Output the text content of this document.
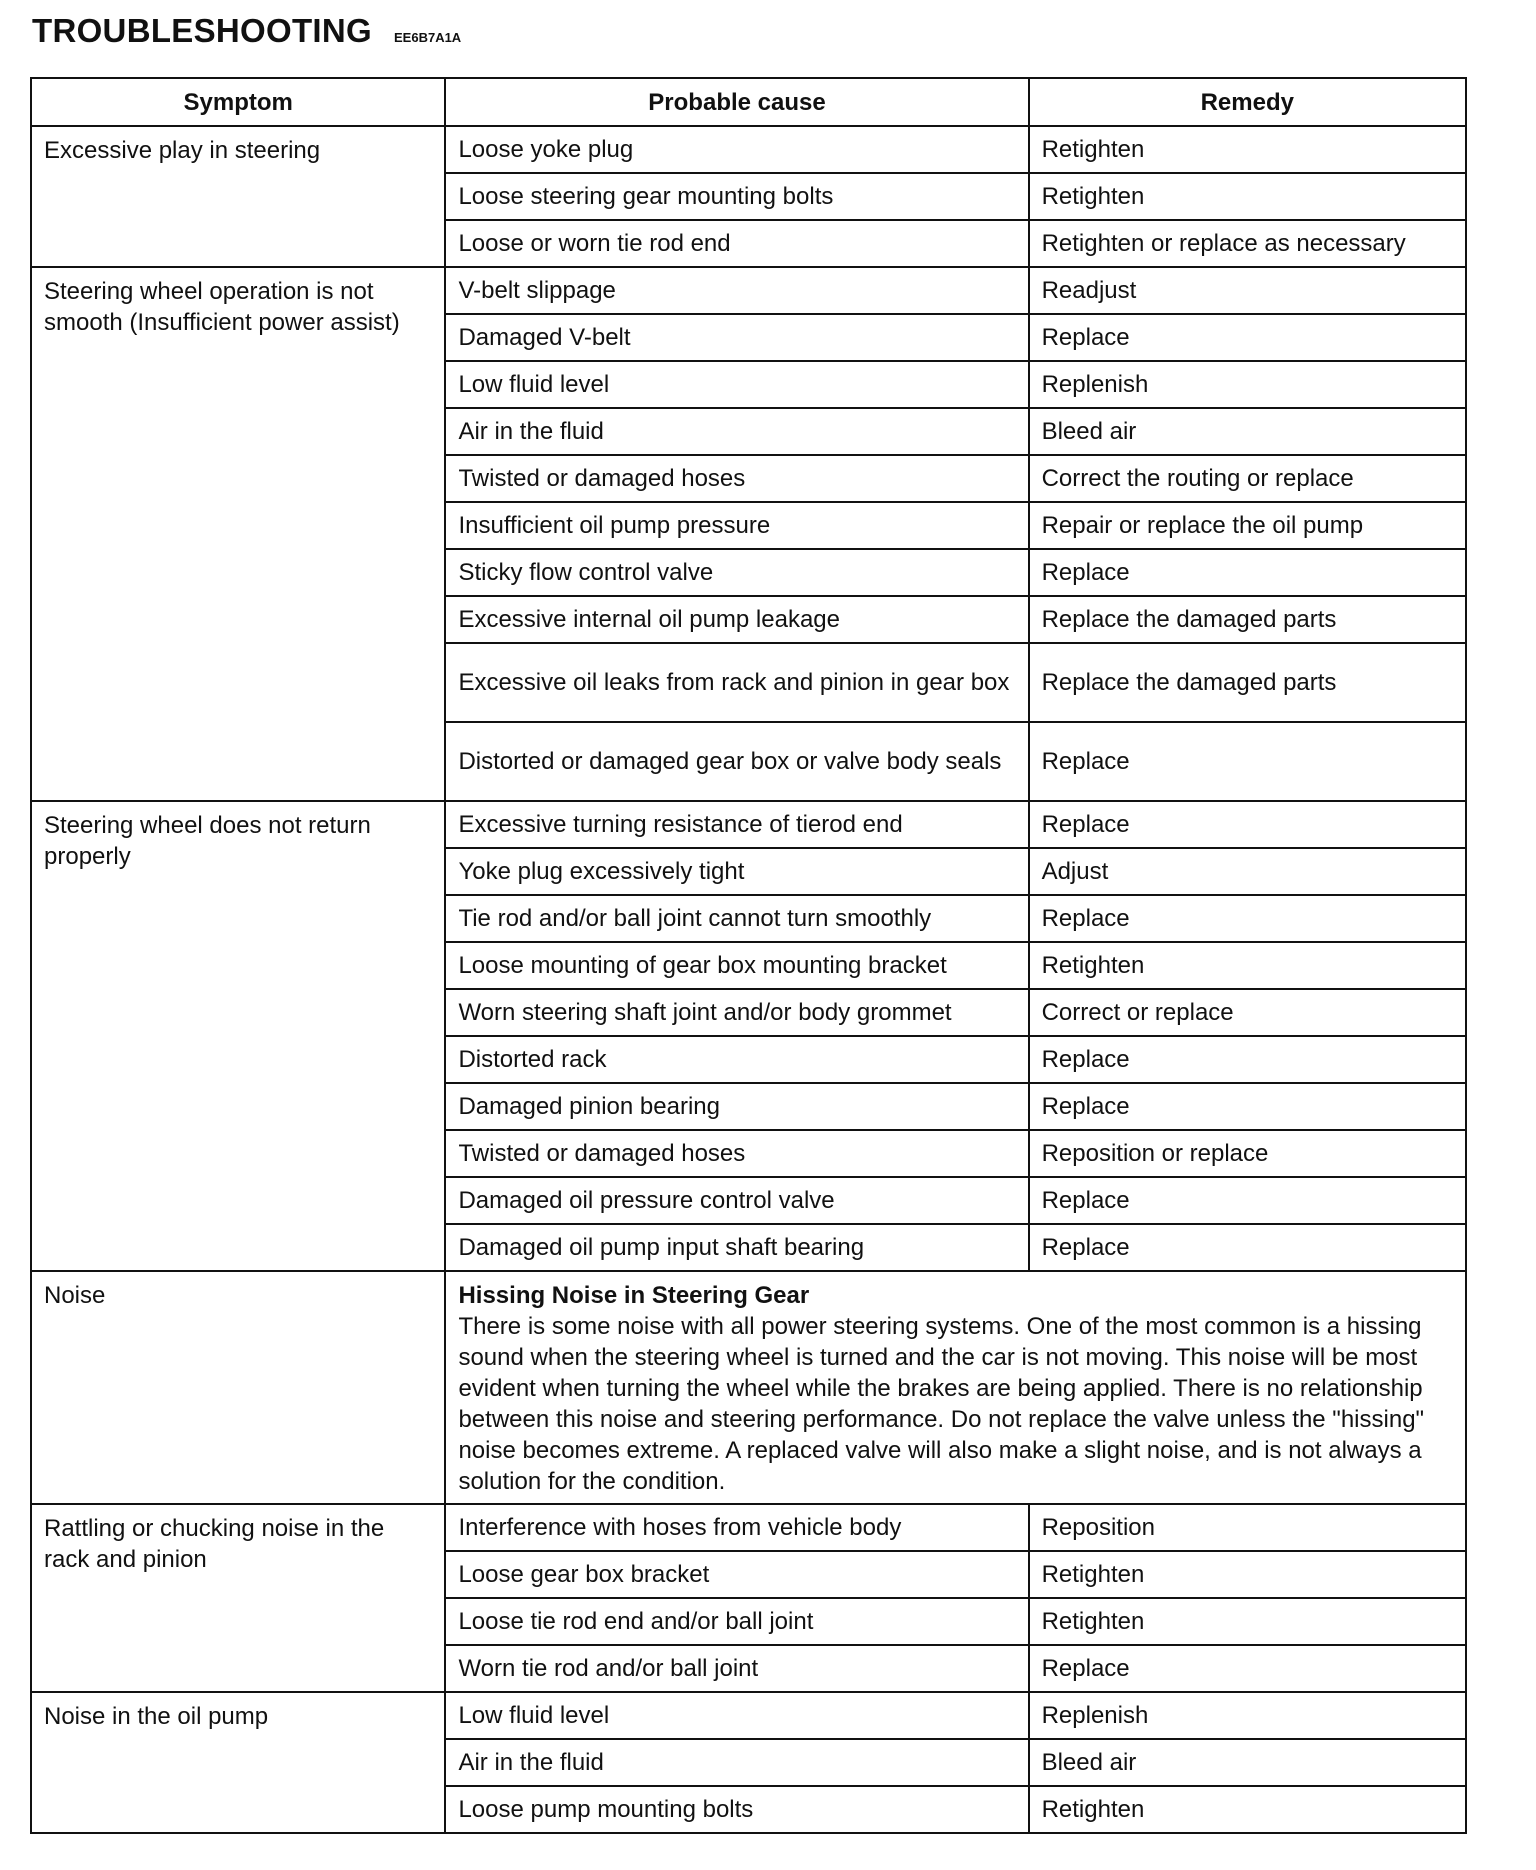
TROUBLESHOOTING EE6B7A1A
Symptom	Probable cause	Remedy
Excessive play in steering	Loose yoke plug	Retighten
	Loose steering gear mounting bolts	Retighten
	Loose or worn tie rod end	Retighten or replace as necessary
Steering wheel operation is not smooth (Insufficient power assist)	V-belt slippage	Readjust
	Damaged V-belt	Replace
	Low fluid level	Replenish
	Air in the fluid	Bleed air
	Twisted or damaged hoses	Correct the routing or replace
	Insufficient oil pump pressure	Repair or replace the oil pump
	Sticky flow control valve	Replace
	Excessive internal oil pump leakage	Replace the damaged parts
	Excessive oil leaks from rack and pinion in gear box	Replace the damaged parts
	Distorted or damaged gear box or valve body seals	Replace
Steering wheel does not return properly	Excessive turning resistance of tierod end	Replace
	Yoke plug excessively tight	Adjust
	Tie rod and/or ball joint cannot turn smoothly	Replace
	Loose mounting of gear box mounting bracket	Retighten
	Worn steering shaft joint and/or body grommet	Correct or replace
	Distorted rack	Replace
	Damaged pinion bearing	Replace
	Twisted or damaged hoses	Reposition or replace
	Damaged oil pressure control valve	Replace
	Damaged oil pump input shaft bearing	Replace
Noise	Hissing Noise in Steering Gear
There is some noise with all power steering systems. One of the most common is a hissing sound when the steering wheel is turned and the car is not moving. This noise will be most evident when turning the wheel while the brakes are being applied. There is no relationship between this noise and steering performance. Do not replace the valve unless the "hissing" noise becomes extreme. A replaced valve will also make a slight noise, and is not always a solution for the condition.	

Rattling or chucking noise in the rack and pinion	Interference with hoses from vehicle body	Reposition
	Loose gear box bracket	Retighten
	Loose tie rod end and/or ball joint	Retighten
	Worn tie rod and/or ball joint	Replace
Noise in the oil pump	Low fluid level	Replenish
	Air in the fluid	Bleed air
	Loose pump mounting bolts	Retighten
